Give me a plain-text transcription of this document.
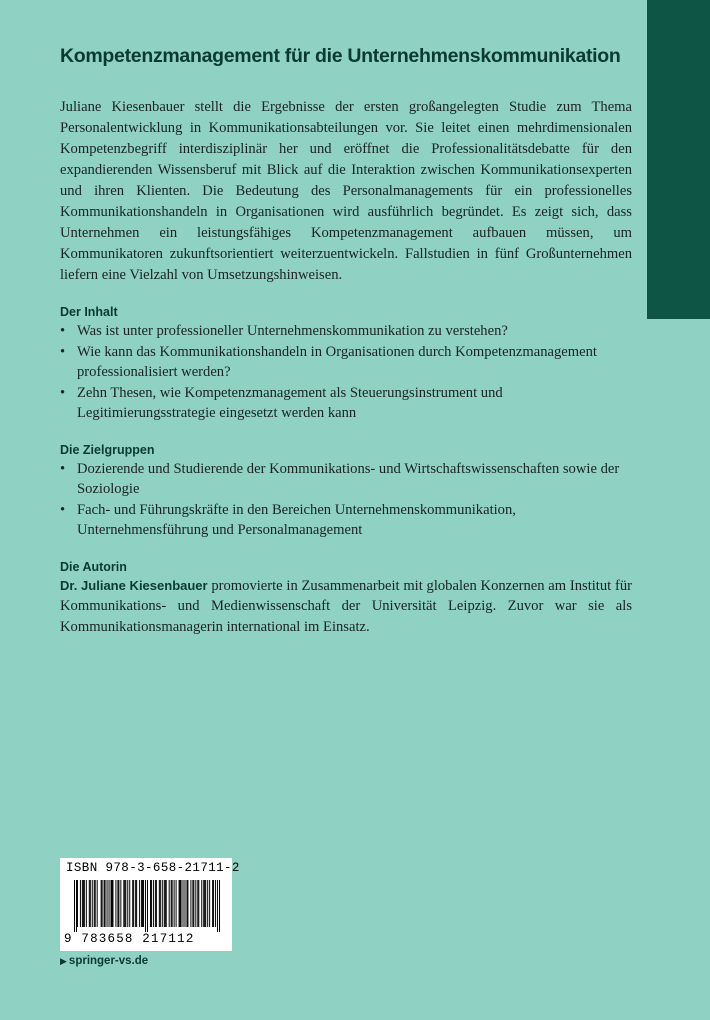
Kompetenzmanagement für die Unternehmenskommunikation

Juliane Kiesenbauer stellt die Ergebnisse der ersten großangelegten Studie zum Thema Personalentwicklung in Kommunikationsabteilungen vor. Sie leitet einen mehrdimensionalen Kompetenzbegriff interdisziplinär her und eröffnet die Professionalitätsdebatte für den expandierenden Wissensberuf mit Blick auf die Interaktion zwischen Kommunikationsexperten und ihren Klienten. Die Bedeutung des Personalmanagements für ein professionelles Kommunikationshandeln in Organisationen wird ausführlich begründet. Es zeigt sich, dass Unternehmen ein leistungsfähiges Kompetenzmanagement aufbauen müssen, um Kommunikatoren zukunftsorientiert weiterzuentwickeln. Fallstudien in fünf Großunternehmen liefern eine Vielzahl von Umsetzungshinweisen.

Der Inhalt
• Was ist unter professioneller Unternehmenskommunikation zu verstehen?
• Wie kann das Kommunikationshandeln in Organisationen durch Kompetenzmanagement professionalisiert werden?
• Zehn Thesen, wie Kompetenzmanagement als Steuerungsinstrument und Legitimierungsstrategie eingesetzt werden kann
Die Zielgruppen
• Dozierende und Studierende der Kommunikations- und Wirtschaftswissenschaften sowie der Soziologie
• Fach- und Führungskräfte in den Bereichen Unternehmenskommunikation, Unternehmensführung und Personalmanagement
Die Autorin

Dr. Juliane Kiesenbauer promovierte in Zusammenarbeit mit globalen Konzernen am Institut für Kommunikations- und Medienwissenschaft der Universität Leipzig. Zuvor war sie als Kommunikationsmanagerin international im Einsatz.

ISBN 978-3-658-21711-2
9 783658 217112
▶ springer-vs.de
